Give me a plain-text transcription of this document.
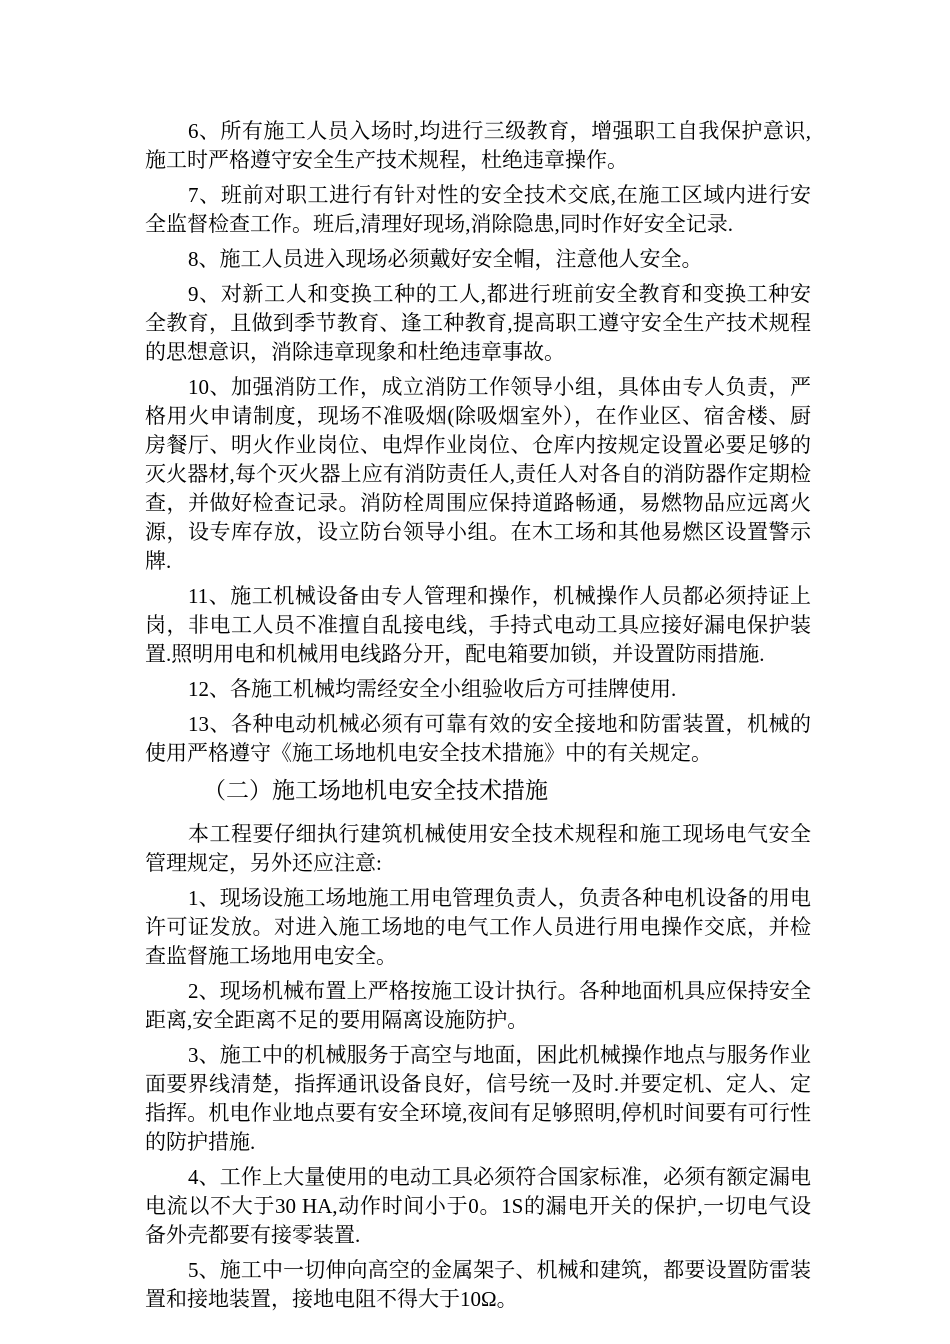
6、所有施工人员入场时,均进行三级教育，增强职工自我保护意识,施工时严格遵守安全生产技术规程，杜绝违章操作。

7、班前对职工进行有针对性的安全技术交底,在施工区域内进行安全监督检查工作。班后,清理好现场,消除隐患,同时作好安全记录.

8、施工人员进入现场必须戴好安全帽，注意他人安全。

9、对新工人和变换工种的工人,都进行班前安全教育和变换工种安全教育，且做到季节教育、逢工种教育,提高职工遵守安全生产技术规程的思想意识，消除违章现象和杜绝违章事故。

10、加强消防工作，成立消防工作领导小组，具体由专人负责，严格用火申请制度，现场不准吸烟(除吸烟室外），在作业区、宿舍楼、厨房餐厅、明火作业岗位、电焊作业岗位、仓库内按规定设置必要足够的灭火器材,每个灭火器上应有消防责任人,责任人对各自的消防器作定期检查，并做好检查记录。消防栓周围应保持道路畅通，易燃物品应远离火源，设专库存放，设立防台领导小组。在木工场和其他易燃区设置警示牌.

11、施工机械设备由专人管理和操作，机械操作人员都必须持证上岗，非电工人员不准擅自乱接电线，手持式电动工具应接好漏电保护装置.照明用电和机械用电线路分开，配电箱要加锁，并设置防雨措施.

12、各施工机械均需经安全小组验收后方可挂牌使用.

13、各种电动机械必须有可靠有效的安全接地和防雷装置，机械的使用严格遵守《施工场地机电安全技术措施》中的有关规定。

（二）施工场地机电安全技术措施

本工程要仔细执行建筑机械使用安全技术规程和施工现场电气安全管理规定，另外还应注意:

1、现场设施工场地施工用电管理负责人，负责各种电机设备的用电许可证发放。对进入施工场地的电气工作人员进行用电操作交底，并检查监督施工场地用电安全。

2、现场机械布置上严格按施工设计执行。各种地面机具应保持安全距离,安全距离不足的要用隔离设施防护。

3、施工中的机械服务于高空与地面，困此机械操作地点与服务作业面要界线清楚，指挥通讯设备良好，信号统一及时.并要定机、定人、定指挥。机电作业地点要有安全环境,夜间有足够照明,停机时间要有可行性的防护措施.

4、工作上大量使用的电动工具必须符合国家标准，必须有额定漏电电流以不大于30 HA,动作时间小于0。1S的漏电开关的保护,一切电气设备外壳都要有接零装置.

5、施工中一切伸向高空的金属架子、机械和建筑，都要设置防雷装置和接地装置，接地电阻不得大于10Ω。
